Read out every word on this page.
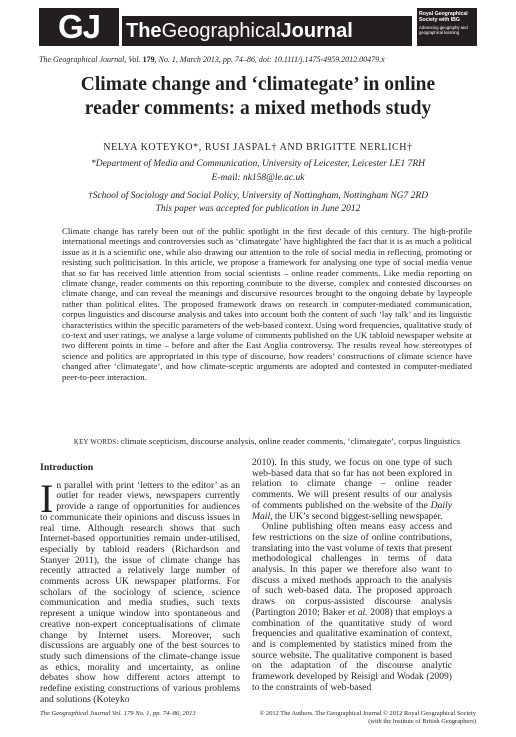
GJ	TheGeographicalJournal
Royal Geographical Society with IBG
Advancing geography and geographical learning
The Geographical Journal, Vol. 179, No. 1, March 2013, pp. 74–86, doi: 10.1111/j.1475-4959.2012.00479.x
Climate change and ‘climategate’ in online
reader comments: a mixed methods study
NELYA KOTEYKO*, RUSI JASPAL† AND BRIGITTE NERLICH†
*Department of Media and Communication, University of Leicester, Leicester LE1 7RH
E-mail: nk158@le.ac.uk
†School of Sociology and Social Policy, University of Nottingham, Nottingham NG7 2RD
This paper was accepted for publication in June 2012
Climate change has rarely been out of the public spotlight in the first decade of this century. The high-profile international meetings and controversies such as ‘climategate’ have highlighted the fact that it is as much a political issue as it is a scientific one, while also drawing our attention to the role of social media in reflecting, promoting or resisting such politicisation. In this article, we propose a framework for analysing one type of social media venue that so far has received little attention from social scientists – online reader comments. Like media reporting on climate change, reader comments on this reporting contribute to the diverse, complex and contested discourses on climate change, and can reveal the meanings and discursive resources brought to the ongoing debate by laypeople rather than political elites. The proposed framework draws on research in computer-mediated communication, corpus linguistics and discourse analysis and takes into account both the content of such ‘lay talk’ and its linguistic characteristics within the specific parameters of the web-based context. Using word frequencies, qualitative study of co-text and user ratings, we analyse a large volume of comments published on the UK tabloid newspaper website at two different points in time – before and after the East Anglia controversy. The results reveal how stereotypes of science and politics are appropriated in this type of discourse, how readers’ constructions of climate science have changed after ‘climategate’, and how climate-sceptic arguments are adopted and contested in computer-mediated peer-to-peer interaction.
KEY WORDS: climate scepticism, discourse analysis, online reader comments, ‘climategate’, corpus linguistics
Introduction

In parallel with print ‘letters to the editor’ as an outlet for reader views, newspapers currently provide a range of opportunities for audiences to communicate their opinions and discuss issues in real time. Although research shows that such Internet-based opportunities remain under-utilised, especially by tabloid readers (Richardson and Stanyer 2011), the issue of climate change has recently attracted a relatively large number of comments across UK newspaper platforms. For scholars of the sociology of science, science communication and media studies, such texts represent a unique window into spontaneous and creative non-expert conceptualisations of climate change by Internet users. Moreover, such discussions are arguably one of the best sources to study such dimensions of the climate-change issue as ethics, morality and uncertainty, as online debates show how different actors attempt to redefine existing constructions of various problems and solutions (Koteyko

2010). In this study, we focus on one type of such web-based data that so far has not been explored in relation to climate change – online reader comments. We will present results of our analysis of comments published on the website of the Daily Mail, the UK’s second biggest-selling newspaper.

Online publishing often means easy access and few restrictions on the size of online contributions, translating into the vast volume of texts that present methodological challenges in terms of data analysis. In this paper we therefore also want to discuss a mixed methods approach to the analysis of such web-based data. The proposed approach draws on corpus-assisted discourse analysis (Partington 2010; Baker et al. 2008) that employs a combination of the quantitative study of word frequencies and qualitative examination of context, and is complemented by statistics mined from the source website. The qualitative component is based on the adaptation of the discourse analytic framework developed by Reisigl and Wodak (2009) to the constraints of web-based

The Geographical Journal Vol. 179 No. 1, pp. 74–86, 2013	© 2012 The Authors. The Geographical Journal © 2012 Royal Geographical Society
(with the Institute of British Geographers)
